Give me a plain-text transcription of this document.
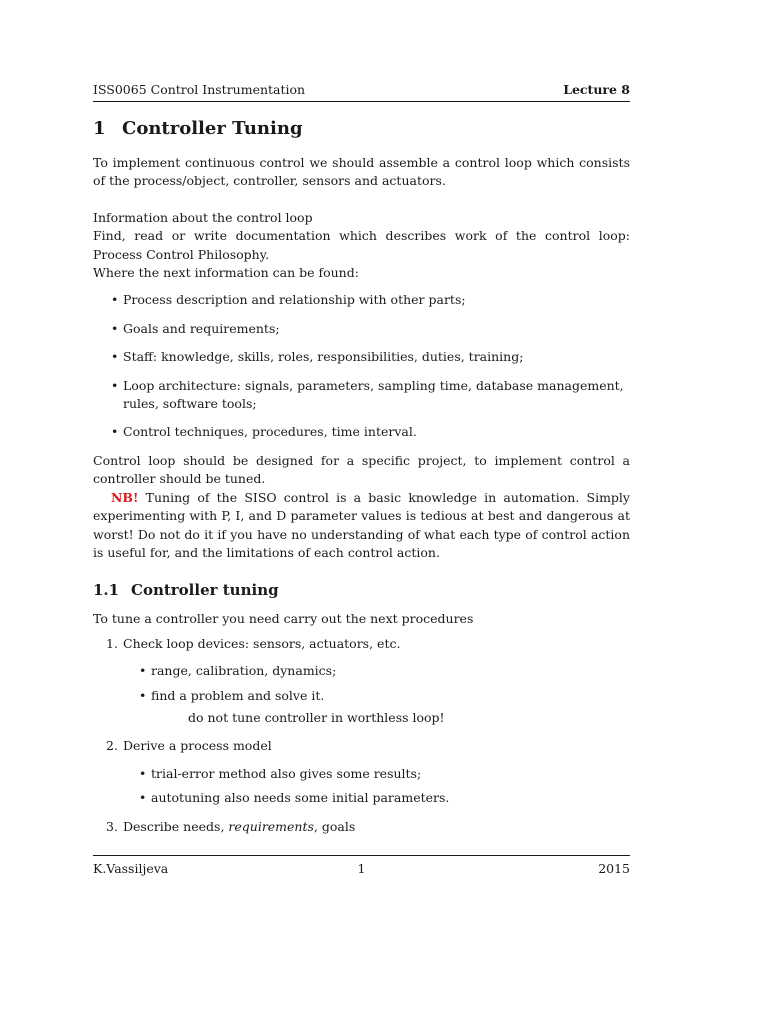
ISS0065 Control Instrumentation	Lecture 8
1 Controller Tuning

To implement continuous control we should assemble a control loop which consists of the process/object, controller, sensors and actuators.

Information about the control loop

Find, read or write documentation which describes work of the control loop: Process Control Philosophy.

Where the next information can be found:

• Process description and relationship with other parts;
• Goals and requirements;
• Staff: knowledge, skills, roles, responsibilities, duties, training;
• Loop architecture: signals, parameters, sampling time, database management, rules, software tools;
• Control techniques, procedures, time interval.

Control loop should be designed for a specific project, to implement control a controller should be tuned.

NB! Tuning of the SISO control is a basic knowledge in automation. Simply experimenting with P, I, and D parameter values is tedious at best and dangerous at worst! Do not do it if you have no understanding of what each type of control action is useful for, and the limitations of each control action.

1.1 Controller tuning

To tune a controller you need carry out the next procedures

1. Check loop devices: sensors, actuators, etc.
• range, calibration, dynamics;
• find a problem and solve it.
do not tune controller in worthless loop!
2. Derive a process model
• trial-error method also gives some results;
• autotuning also needs some initial parameters.
3. Describe needs, requirements, goals
K.Vassiljeva	1	2015
